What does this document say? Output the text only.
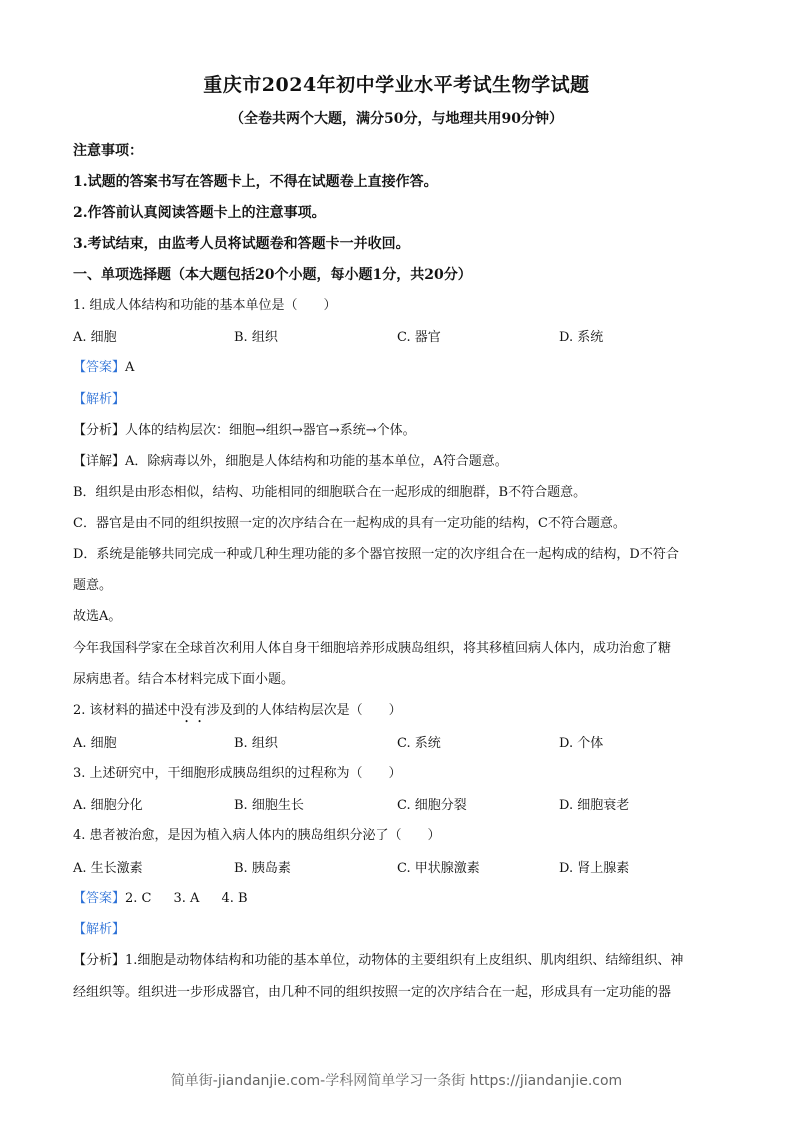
重庆市2024年初中学业水平考试生物学试题
（全卷共两个大题，满分50分，与地理共用90分钟）
注意事项：
1.试题的答案书写在答题卡上，不得在试题卷上直接作答。
2.作答前认真阅读答题卡上的注意事项。
3.考试结束，由监考人员将试题卷和答题卡一并收回。
一、单项选择题（本大题包括20个小题，每小题1分，共20分）
1. 组成人体结构和功能的基本单位是（　　）
A. 细胞	B. 组织	C. 器官	D. 系统
【答案】A
【解析】
【分析】人体的结构层次：细胞→组织→器官→系统→个体。
【详解】A．除病毒以外，细胞是人体结构和功能的基本单位，A符合题意。
B．组织是由形态相似，结构、功能相同的细胞联合在一起形成的细胞群，B不符合题意。
C．器官是由不同的组织按照一定的次序结合在一起构成的具有一定功能的结构，C不符合题意。
D．系统是能够共同完成一种或几种生理功能的多个器官按照一定的次序组合在一起构成的结构，D不符合
题意。
故选A。
今年我国科学家在全球首次利用人体自身干细胞培养形成胰岛组织，将其移植回病人体内，成功治愈了糖
尿病患者。结合本材料完成下面小题。
2. 该材料的描述中没有涉及到的人体结构层次是（　　）
A. 细胞	B. 组织	C. 系统	D. 个体
3. 上述研究中，干细胞形成胰岛组织的过程称为（　　）
A. 细胞分化	B. 细胞生长	C. 细胞分裂	D. 细胞衰老
4. 患者被治愈，是因为植入病人体内的胰岛组织分泌了（　　）
A. 生长激素	B. 胰岛素	C. 甲状腺激素	D. 肾上腺素
【答案】2. C 3. A 4. B
【解析】
【分析】1.细胞是动物体结构和功能的基本单位，动物体的主要组织有上皮组织、肌肉组织、结缔组织、神
经组织等。组织进一步形成器官，由几种不同的组织按照一定的次序结合在一起，形成具有一定功能的器
简单街-jiandanjie.com-学科网简单学习一条街 https://jiandanjie.com
